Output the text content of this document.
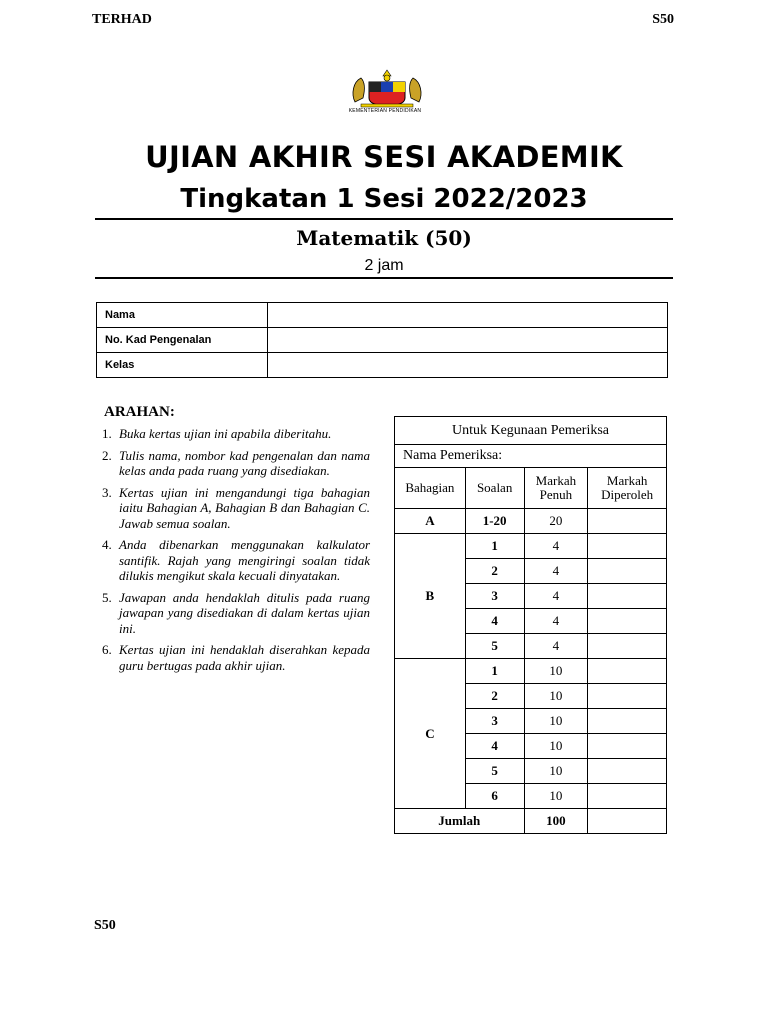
TERHAD	S50
KEMENTERIAN PENDIDIKAN
UJIAN AKHIR SESI AKADEMIK
Tingkatan 1 Sesi 2022/2023
Matematik (50)
2 jam
Nama	
No. Kad Pengenalan	
Kelas	
ARAHAN:
1. Buka kertas ujian ini apabila diberitahu.
2. Tulis nama, nombor kad pengenalan dan nama kelas anda pada ruang yang disediakan.
3. Kertas ujian ini mengandungi tiga bahagian iaitu Bahagian A, Bahagian B dan Bahagian C. Jawab semua soalan.
4. Anda dibenarkan menggunakan kalkulator santifik. Rajah yang mengiringi soalan tidak dilukis mengikut skala kecuali dinyatakan.
5. Jawapan anda hendaklah ditulis pada ruang jawapan yang disediakan di dalam kertas ujian ini.
6. Kertas ujian ini hendaklah diserahkan kepada guru bertugas pada akhir ujian.
Untuk Kegunaan Pemeriksa			
Nama Pemeriksa:			
Bahagian	Soalan	Markah Penuh	Markah Diperoleh
A	1-20	20	
B	1	4	
	2	4	
	3	4	
	4	4	
	5	4	
C	1	10	
	2	10	
	3	10	
	4	10	
	5	10	
	6	10	
Jumlah		100	
S50
